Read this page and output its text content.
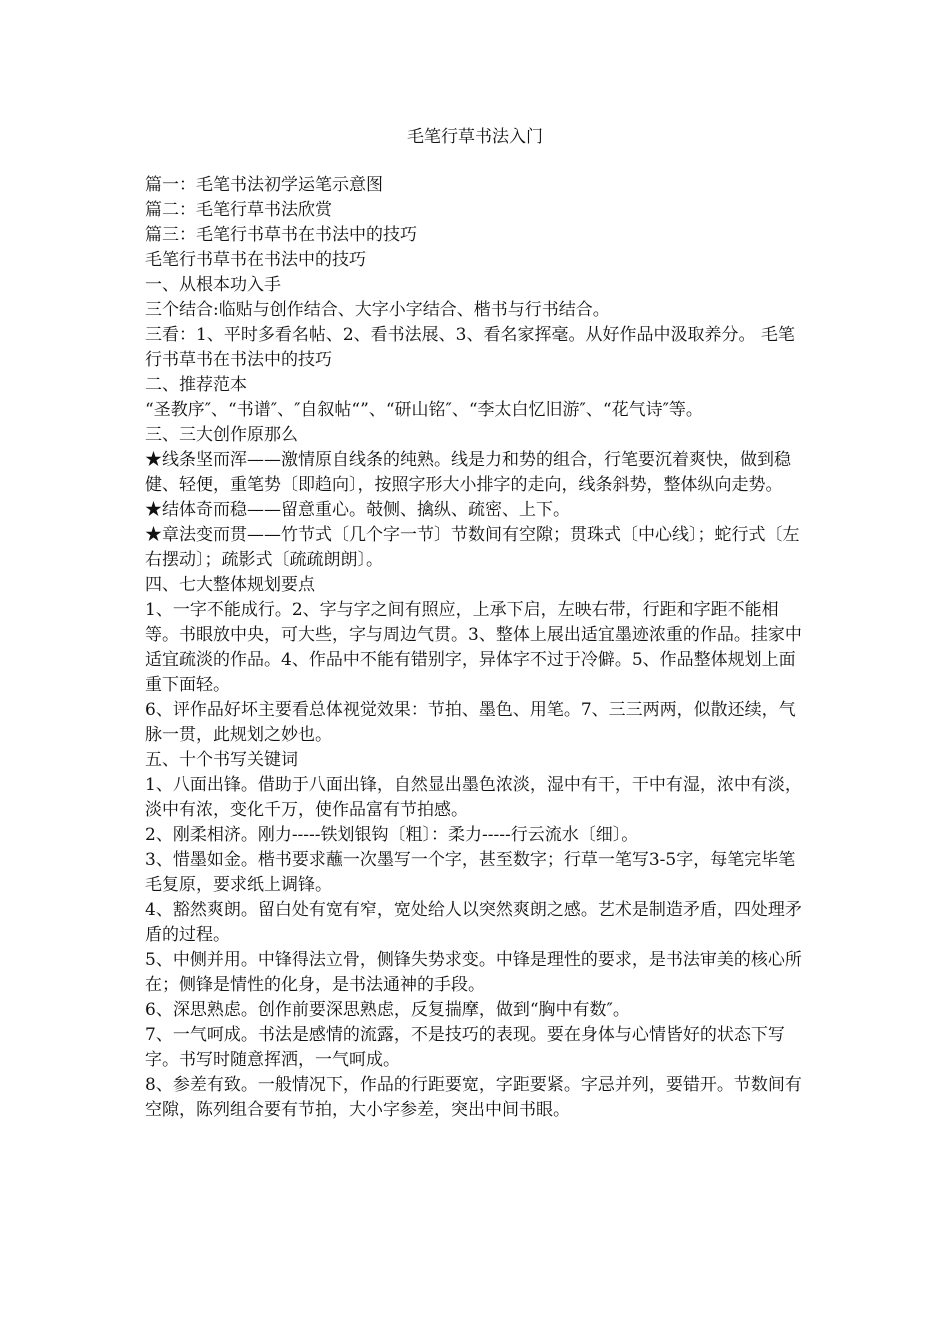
毛笔行草书法入门

篇一：毛笔书法初学运笔示意图

篇二：毛笔行草书法欣赏

篇三：毛笔行书草书在书法中的技巧

毛笔行书草书在书法中的技巧

一、从根本功入手

三个结合:临贴与创作结合、大字小字结合、楷书与行书结合。

三看：1、平时多看名帖、2、看书法展、3、看名家挥毫。从好作品中汲取养分。 毛笔行书草书在书法中的技巧

二、推荐范本

“圣教序″、“书谱″、″自叙帖“”、“研山铭″、“李太白忆旧游″、“花气诗″等。

三、三大创作原那么

★线条坚而浑——激情原自线条的纯熟。线是力和势的组合，行笔要沉着爽快，做到稳健、轻便，重笔势〔即趋向〕，按照字形大小排字的走向，线条斜势，整体纵向走势。

★结体奇而稳——留意重心。攲侧、擒纵、疏密、上下。

★章法变而贯——竹节式〔几个字一节〕节数间有空隙；贯珠式〔中心线〕；蛇行式〔左右摆动〕；疏影式〔疏疏朗朗〕。

四、七大整体规划要点

1、一字不能成行。2、字与字之间有照应，上承下启，左映右带，行距和字距不能相等。书眼放中央，可大些，字与周边气贯。3、整体上展出适宜墨迹浓重的作品。挂家中适宜疏淡的作品。4、作品中不能有错别字，异体字不过于冷僻。5、作品整体规划上面重下面轻。

6、评作品好坏主要看总体视觉效果：节拍、墨色、用笔。7、三三两两，似散还续，气脉一贯，此规划之妙也。

五、十个书写关键词

1、八面出锋。借助于八面出锋，自然显出墨色浓淡，湿中有干，干中有湿，浓中有淡，淡中有浓，变化千万，使作品富有节拍感。

2、刚柔相济。刚力-----铁划银钩〔粗〕：柔力-----行云流水〔细〕。

3、惜墨如金。楷书要求蘸一次墨写一个字，甚至数字；行草一笔写3-5字，每笔完毕笔毛复原，要求纸上调锋。

4、豁然爽朗。留白处有宽有窄，宽处给人以突然爽朗之感。艺术是制造矛盾，四处理矛盾的过程。

5、中侧并用。中锋得法立骨，侧锋失势求变。中锋是理性的要求，是书法审美的核心所在；侧锋是情性的化身，是书法通神的手段。

6、深思熟虑。创作前要深思熟虑，反复揣摩，做到“胸中有数″。

7、一气呵成。书法是感情的流露，不是技巧的表现。要在身体与心情皆好的状态下写字。书写时随意挥洒，一气呵成。

8、参差有致。一般情况下，作品的行距要宽，字距要紧。字忌并列，要错开。节数间有空隙，陈列组合要有节拍，大小字参差，突出中间书眼。
